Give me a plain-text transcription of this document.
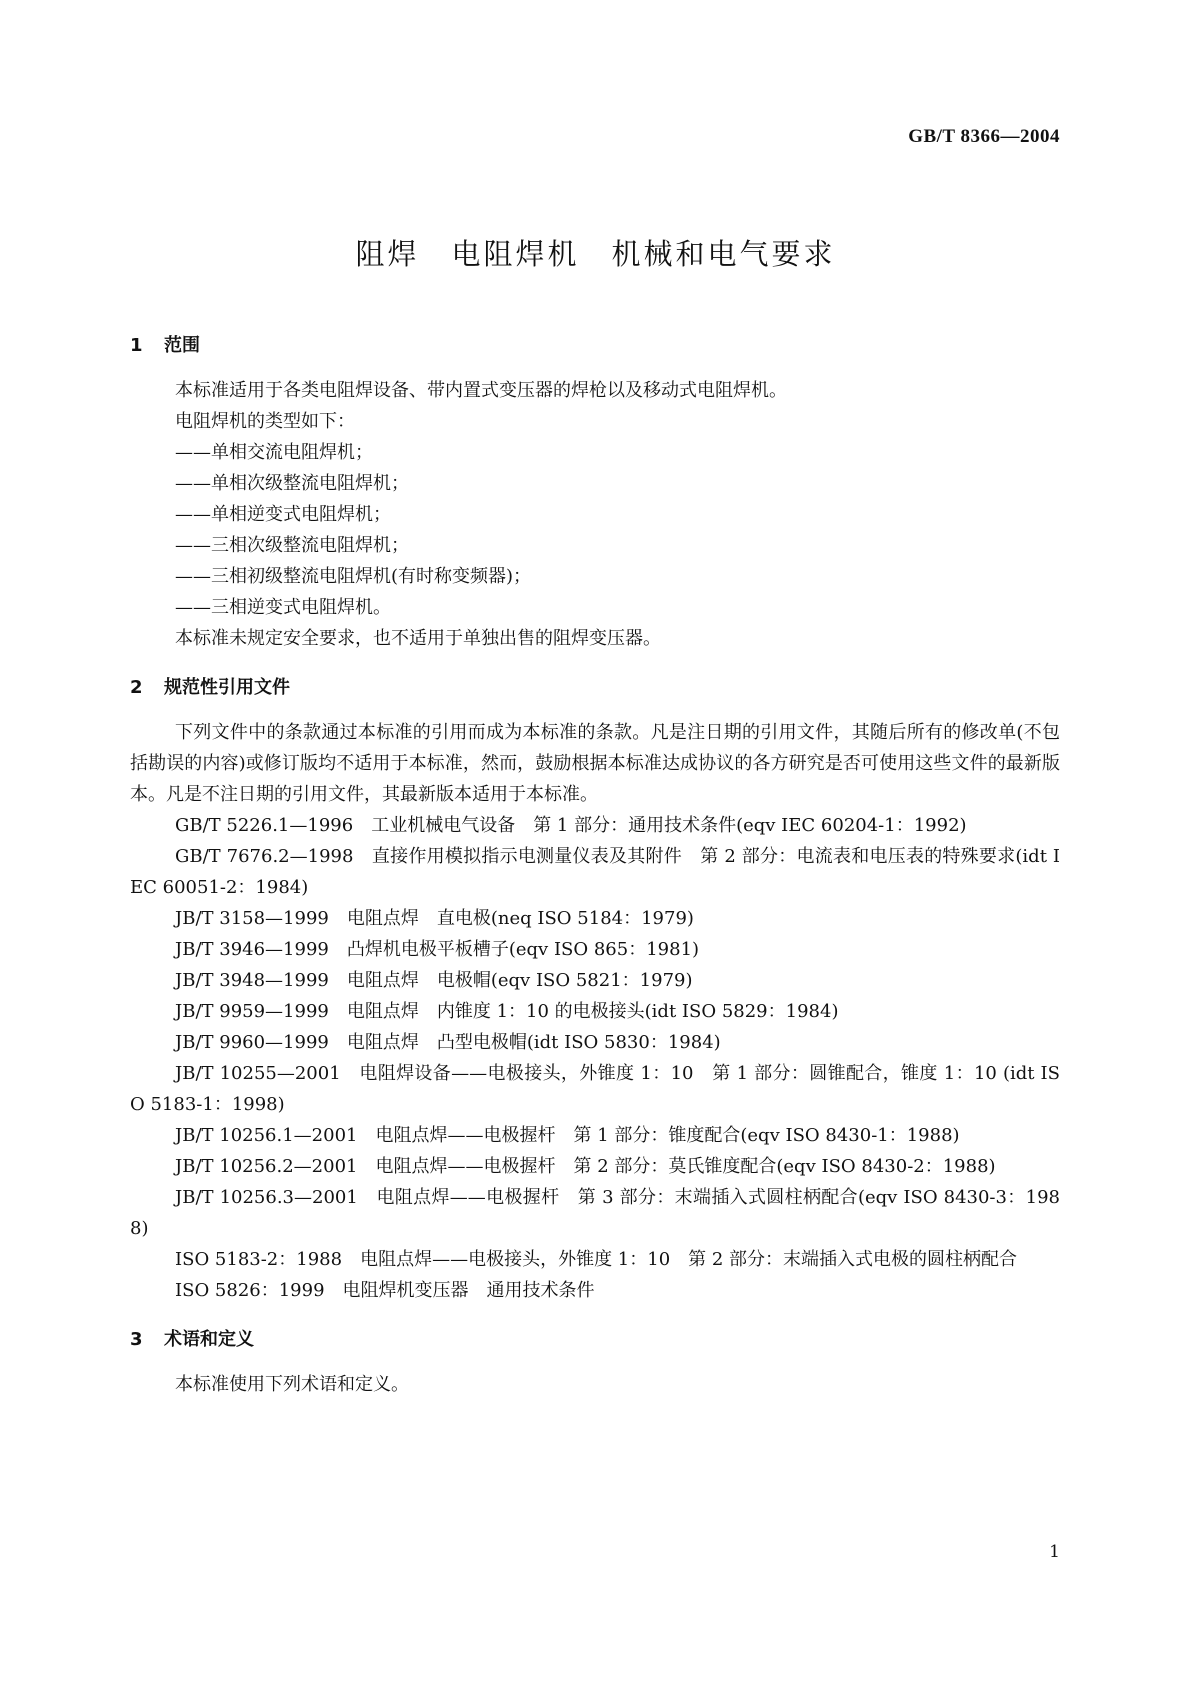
GB/T 8366—2004
阻焊　电阻焊机　机械和电气要求
1 范围

本标准适用于各类电阻焊设备、带内置式变压器的焊枪以及移动式电阻焊机。

电阻焊机的类型如下：

——单相交流电阻焊机；

——单相次级整流电阻焊机；

——单相逆变式电阻焊机；

——三相次级整流电阻焊机；

——三相初级整流电阻焊机(有时称变频器)；

——三相逆变式电阻焊机。

本标准未规定安全要求，也不适用于单独出售的阻焊变压器。

2 规范性引用文件

下列文件中的条款通过本标准的引用而成为本标准的条款。凡是注日期的引用文件，其随后所有的修改单(不包括勘误的内容)或修订版均不适用于本标准，然而，鼓励根据本标准达成协议的各方研究是否可使用这些文件的最新版本。凡是不注日期的引用文件，其最新版本适用于本标准。

GB/T 5226.1—1996　工业机械电气设备　第 1 部分：通用技术条件(eqv IEC 60204-1：1992)

GB/T 7676.2—1998　直接作用模拟指示电测量仪表及其附件　第 2 部分：电流表和电压表的特殊要求(idt IEC 60051-2：1984)

JB/T 3158—1999　电阻点焊　直电极(neq ISO 5184：1979)

JB/T 3946—1999　凸焊机电极平板槽子(eqv ISO 865：1981)

JB/T 3948—1999　电阻点焊　电极帽(eqv ISO 5821：1979)

JB/T 9959—1999　电阻点焊　内锥度 1：10 的电极接头(idt ISO 5829：1984)

JB/T 9960—1999　电阻点焊　凸型电极帽(idt ISO 5830：1984)

JB/T 10255—2001　电阻焊设备——电极接头，外锥度 1：10　第 1 部分：圆锥配合，锥度 1：10 (idt ISO 5183-1：1998)

JB/T 10256.1—2001　电阻点焊——电极握杆　第 1 部分：锥度配合(eqv ISO 8430-1：1988)

JB/T 10256.2—2001　电阻点焊——电极握杆　第 2 部分：莫氏锥度配合(eqv ISO 8430-2：1988)

JB/T 10256.3—2001　电阻点焊——电极握杆　第 3 部分：末端插入式圆柱柄配合(eqv ISO 8430-3：1988)

ISO 5183-2：1988　电阻点焊——电极接头，外锥度 1：10　第 2 部分：末端插入式电极的圆柱柄配合

ISO 5826：1999　电阻焊机变压器　通用技术条件

3 术语和定义

本标准使用下列术语和定义。

1
